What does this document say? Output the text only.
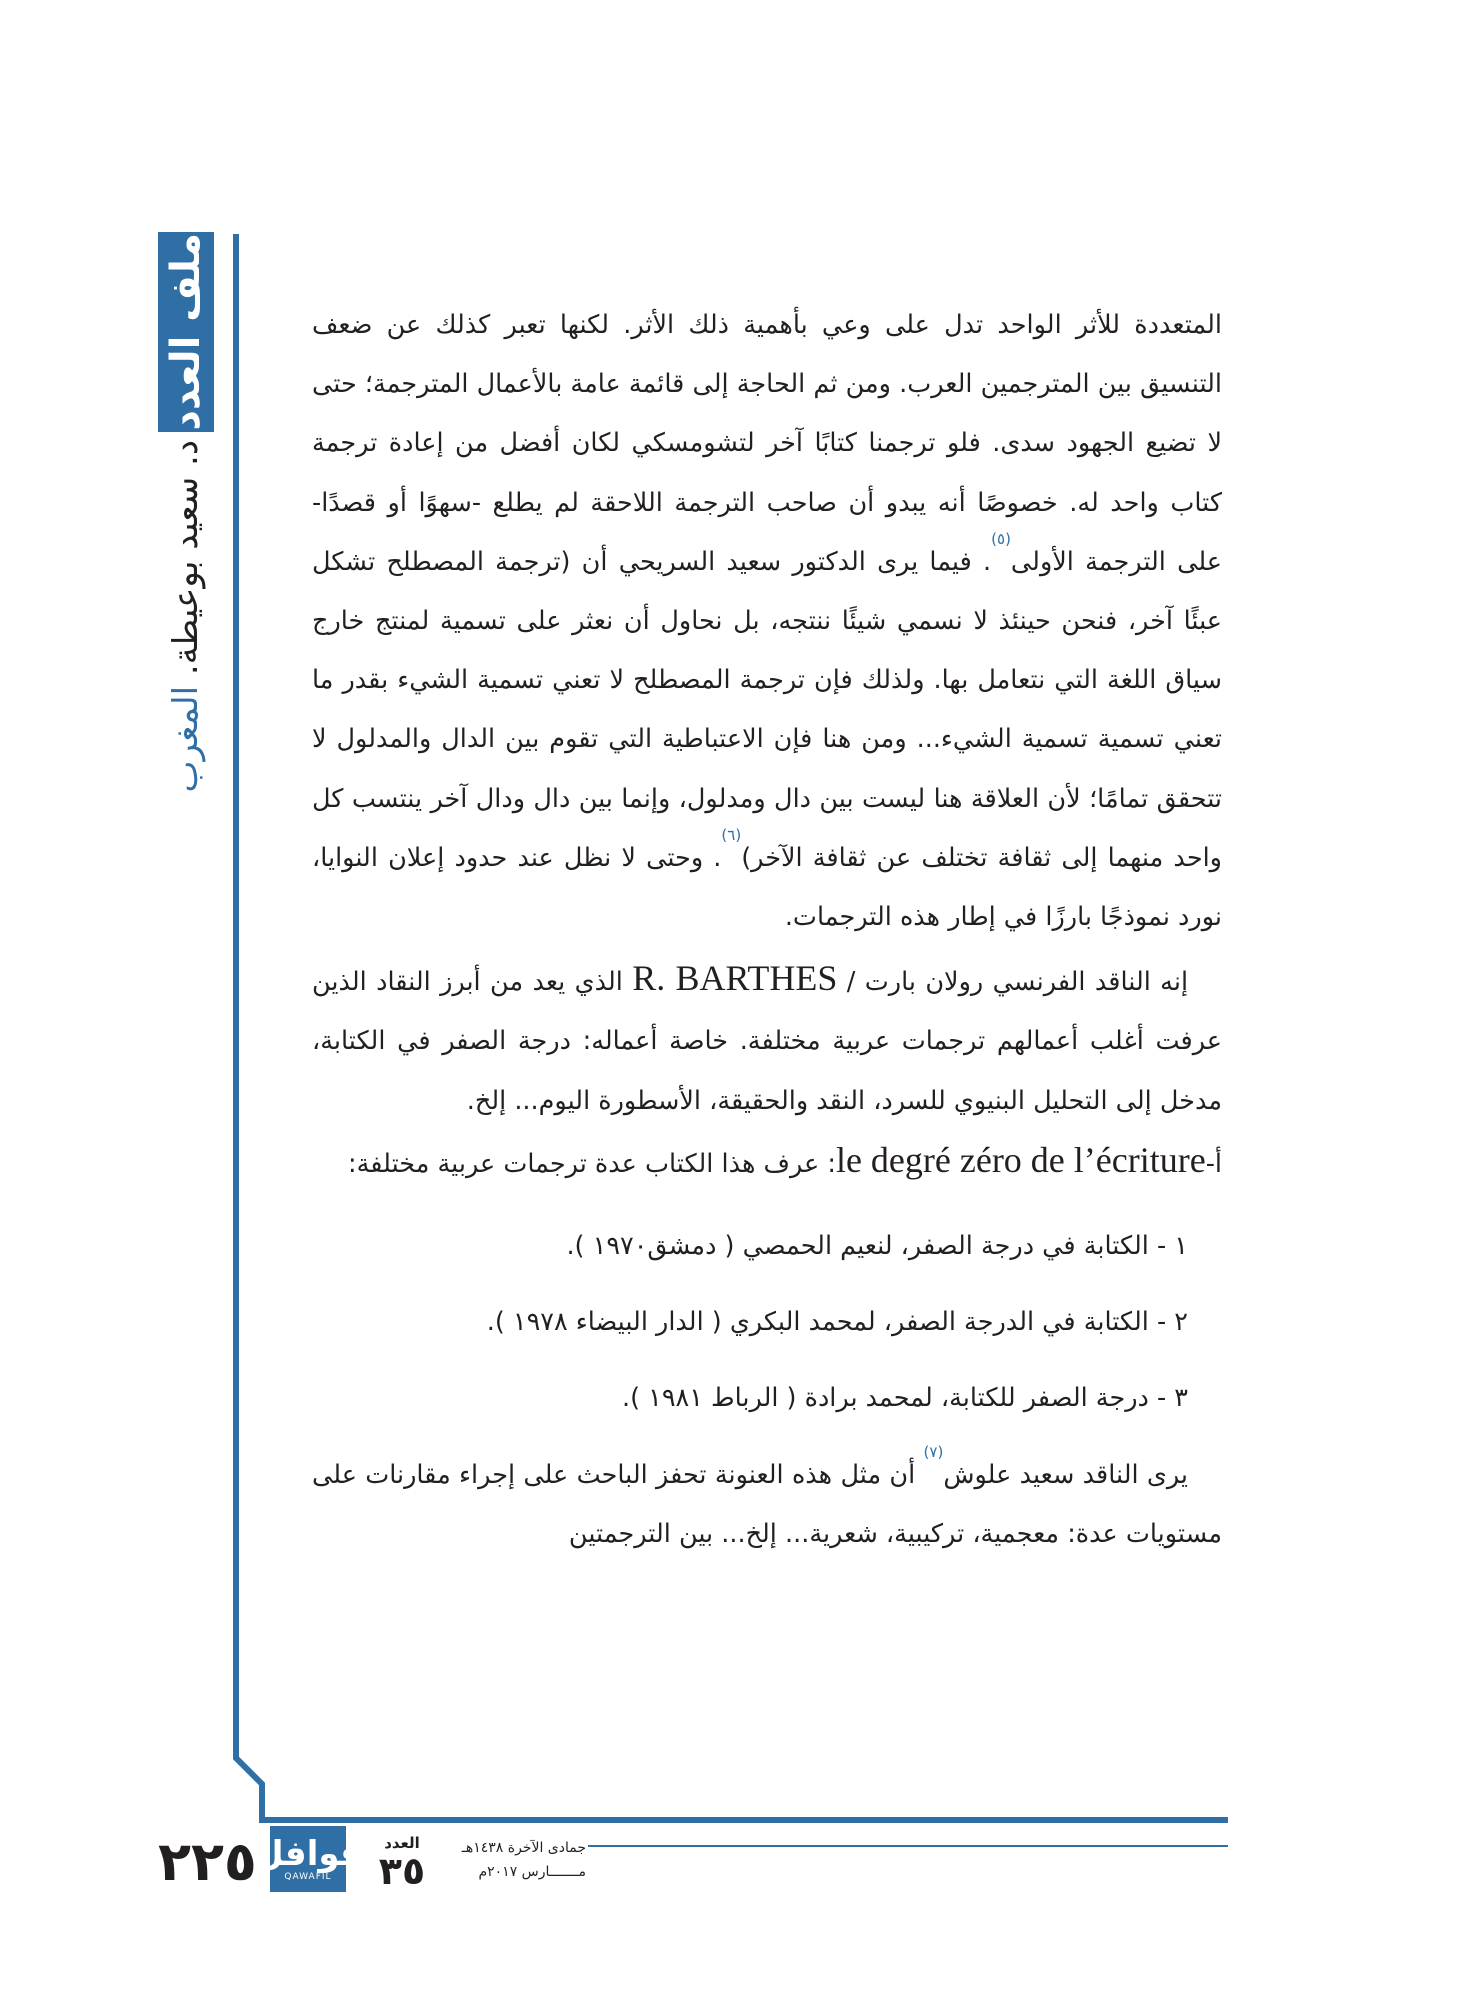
ملف العدد
د. سعيد بوعيطة. المغرب

المتعددة للأثر الواحد تدل على وعي بأهمية ذلك الأثر. لكنها تعبر كذلك عن ضعف التنسيق بين المترجمين العرب. ومن ثم الحاجة إلى قائمة عامة بالأعمال المترجمة؛ حتى لا تضيع الجهود سدى. فلو ترجمنا كتابًا آخر لتشومسكي لكان أفضل من إعادة ترجمة كتاب واحد له. خصوصًا أنه يبدو أن صاحب الترجمة اللاحقة لم يطلع -سهوًا أو قصدًا- على الترجمة الأولى$^{(٥)}$. فيما يرى الدكتور سعيد السريحي أن (ترجمة المصطلح تشكل عبئًا آخر، فنحن حينئذ لا نسمي شيئًا ننتجه، بل نحاول أن نعثر على تسمية لمنتج خارج سياق اللغة التي نتعامل بها. ولذلك فإن ترجمة المصطلح لا تعني تسمية الشيء بقدر ما تعني تسمية تسمية الشيء... ومن هنا فإن الاعتباطية التي تقوم بين الدال والمدلول لا تتحقق تمامًا؛ لأن العلاقة هنا ليست بين دال ومدلول، وإنما بين دال ودال آخر ينتسب كل واحد منهما إلى ثقافة تختلف عن ثقافة الآخر)$^{(٦)}$. وحتى لا نظل عند حدود إعلان النوايا، نورد نموذجًا بارزًا في إطار هذه الترجمات.

إنه الناقد الفرنسي رولان بارت / R. BARTHES الذي يعد من أبرز النقاد الذين عرفت أغلب أعمالهم ترجمات عربية مختلفة. خاصة أعماله: درجة الصفر في الكتابة، مدخل إلى التحليل البنيوي للسرد، النقد والحقيقة، الأسطورة اليوم... إلخ.

أ-le degré zéro de l’écriture: عرف هذا الكتاب عدة ترجمات عربية مختلفة:

١ - الكتابة في درجة الصفر، لنعيم الحمصي ( دمشق١٩٧٠ ).
٢ - الكتابة في الدرجة الصفر، لمحمد البكري ( الدار البيضاء ١٩٧٨ ).
٣ - درجة الصفر للكتابة، لمحمد برادة ( الرباط ١٩٨١ ).

يرى الناقد سعيد علوش$^{(٧)}$ أن مثل هذه العنونة تحفز الباحث على إجراء مقارنات على مستويات عدة: معجمية، تركيبية، شعرية... إلخ... بين الترجمتين

٢٢٥
قوافل
QAWAFIL
العدد
٣٥
جمادى الآخرة ١٤٣٨هـ
مـــــــارس ٢٠١٧م
